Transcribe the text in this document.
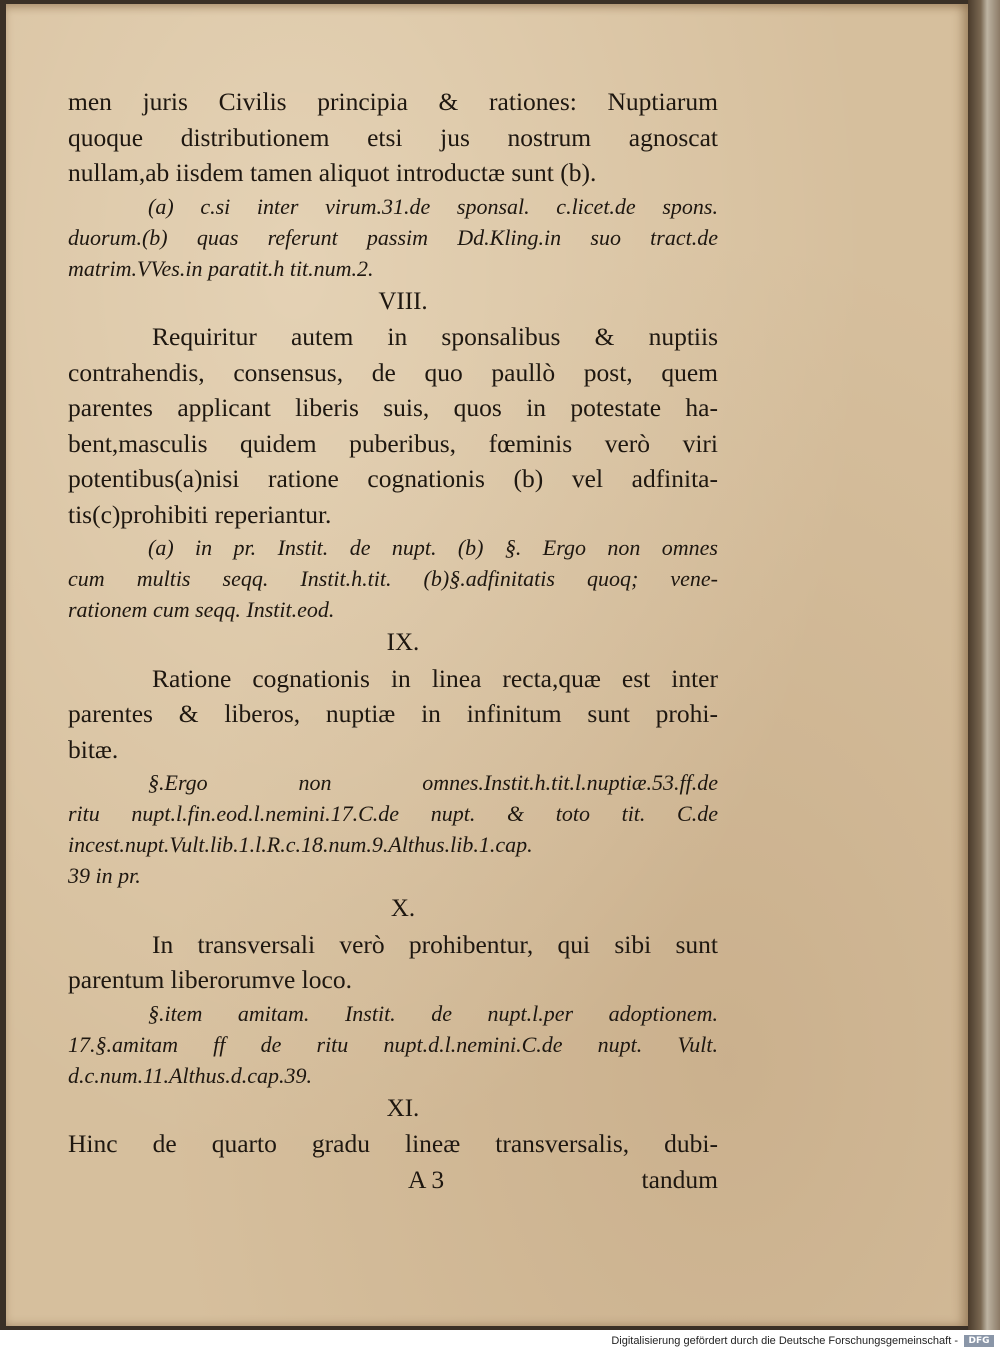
men juris Civilis principia & rationes: Nuptiarum
quoque distributionem etsi jus nostrum agnoscat
nullam,ab iisdem tamen aliquot introductæ sunt (b).
(a) c.si inter virum.31.de sponsal. c.licet.de spons.
duorum.(b) quas referunt passim Dd.Kling.in suo tract.de
matrim.VVes.in paratit.h tit.num.2.
VIII.
Requiritur autem in sponsalibus & nuptiis
contrahendis, consensus, de quo paullò post, quem
parentes applicant liberis suis, quos in potestate ha-
bent,masculis quidem puberibus, fœminis verò viri
potentibus(a)nisi ratione cognationis (b) vel adfinita-
tis(c)prohibiti reperiantur.
(a) in pr. Instit. de nupt. (b) §. Ergo non omnes
cum multis seqq. Instit.h.tit. (b)§.adfinitatis quoq; vene-
rationem cum seqq. Instit.eod.
IX.
Ratione cognationis in linea recta,quæ est inter
parentes & liberos, nuptiæ in infinitum sunt prohi-
bitæ.
§.Ergo non omnes.Instit.h.tit.l.nuptiæ.53.ff.de
ritu nupt.l.fin.eod.l.nemini.17.C.de nupt. & toto tit. C.de
incest.nupt.Vult.lib.1.l.R.c.18.num.9.Althus.lib.1.cap.
39 in pr.
X.
In transversali verò prohibentur, qui sibi sunt
parentum liberorumve loco.
§.item amitam. Instit. de nupt.l.per adoptionem.
17.§.amitam ff de ritu nupt.d.l.nemini.C.de nupt. Vult.
d.c.num.11.Althus.d.cap.39.
XI.
Hinc de quarto gradu lineæ transversalis, dubi-
A 3	tandum
Digitalisierung gefördert durch die Deutsche Forschungsgemeinschaft -	DFG
